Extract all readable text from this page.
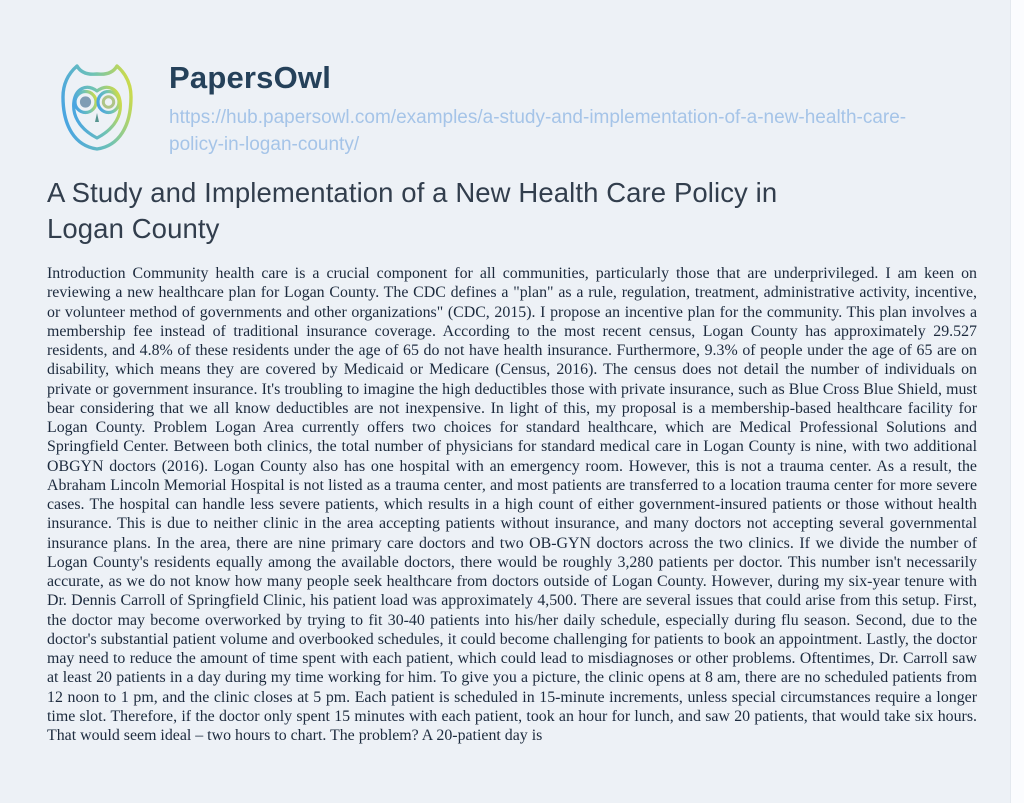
PapersOwl
https://hub.papersowl.com/examples/a-study-and-implementation-of-a-new-health-care-policy-in-logan-county/
A Study and Implementation of a New Health Care Policy in Logan County

Introduction Community health care is a crucial component for all communities, particularly those that are underprivileged. I am keen on reviewing a new healthcare plan for Logan County. The CDC defines a "plan" as a rule, regulation, treatment, administrative activity, incentive, or volunteer method of governments and other organizations" (CDC, 2015). I propose an incentive plan for the community. This plan involves a membership fee instead of traditional insurance coverage. According to the most recent census, Logan County has approximately 29.527 residents, and 4.8% of these residents under the age of 65 do not have health insurance. Furthermore, 9.3% of people under the age of 65 are on disability, which means they are covered by Medicaid or Medicare (Census, 2016). The census does not detail the number of individuals on private or government insurance. It's troubling to imagine the high deductibles those with private insurance, such as Blue Cross Blue Shield, must bear considering that we all know deductibles are not inexpensive. In light of this, my proposal is a membership-based healthcare facility for Logan County. Problem Logan Area currently offers two choices for standard healthcare, which are Medical Professional Solutions and Springfield Center. Between both clinics, the total number of physicians for standard medical care in Logan County is nine, with two additional OBGYN doctors (2016). Logan County also has one hospital with an emergency room. However, this is not a trauma center. As a result, the Abraham Lincoln Memorial Hospital is not listed as a trauma center, and most patients are transferred to a location trauma center for more severe cases. The hospital can handle less severe patients, which results in a high count of either government-insured patients or those without health insurance. This is due to neither clinic in the area accepting patients without insurance, and many doctors not accepting several governmental insurance plans. In the area, there are nine primary care doctors and two OB-GYN doctors across the two clinics. If we divide the number of Logan County's residents equally among the available doctors, there would be roughly 3,280 patients per doctor. This number isn't necessarily accurate, as we do not know how many people seek healthcare from doctors outside of Logan County. However, during my six-year tenure with Dr. Dennis Carroll of Springfield Clinic, his patient load was approximately 4,500. There are several issues that could arise from this setup. First, the doctor may become overworked by trying to fit 30-40 patients into his/her daily schedule, especially during flu season. Second, due to the doctor's substantial patient volume and overbooked schedules, it could become challenging for patients to book an appointment. Lastly, the doctor may need to reduce the amount of time spent with each patient, which could lead to misdiagnoses or other problems. Oftentimes, Dr. Carroll saw at least 20 patients in a day during my time working for him. To give you a picture, the clinic opens at 8 am, there are no scheduled patients from 12 noon to 1 pm, and the clinic closes at 5 pm. Each patient is scheduled in 15-minute increments, unless special circumstances require a longer time slot. Therefore, if the doctor only spent 15 minutes with each patient, took an hour for lunch, and saw 20 patients, that would take six hours. That would seem ideal – two hours to chart. The problem? A 20-patient day is
